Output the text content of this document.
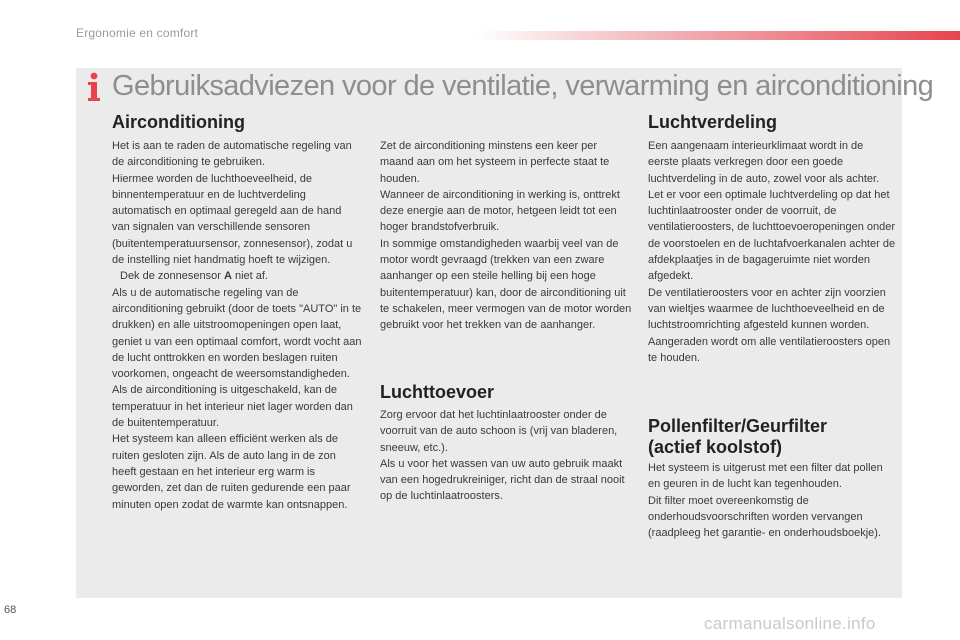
Ergonomie en comfort
Gebruiksadviezen voor de ventilatie, verwarming en airconditioning
Airconditioning

Het is aan te raden de automatische regeling van de airconditioning te gebruiken.

Hiermee worden de luchthoeveelheid, de binnentemperatuur en de luchtverdeling automatisch en optimaal geregeld aan de hand van signalen van verschillende sensoren (buitentemperatuursensor, zonnesensor), zodat u de instelling niet handmatig hoeft te wijzigen.

Dek de zonnesensor A niet af.

Als u de automatische regeling van de airconditioning gebruikt (door de toets "AUTO" in te drukken) en alle uitstroomopeningen open laat, geniet u van een optimaal comfort, wordt vocht aan de lucht onttrokken en worden beslagen ruiten voorkomen, ongeacht de weersomstandigheden.

Als de airconditioning is uitgeschakeld, kan de temperatuur in het interieur niet lager worden dan de buitentemperatuur.

Het systeem kan alleen efficiënt werken als de ruiten gesloten zijn. Als de auto lang in de zon heeft gestaan en het interieur erg warm is geworden, zet dan de ruiten gedurende een paar minuten open zodat de warmte kan ontsnappen.

Zet de airconditioning minstens een keer per maand aan om het systeem in perfecte staat te houden.

Wanneer de airconditioning in werking is, onttrekt deze energie aan de motor, hetgeen leidt tot een hoger brandstofverbruik.

In sommige omstandigheden waarbij veel van de motor wordt gevraagd (trekken van een zware aanhanger op een steile helling bij een hoge buitentemperatuur) kan, door de airconditioning uit te schakelen, meer vermogen van de motor worden gebruikt voor het trekken van de aanhanger.

Luchttoevoer

Zorg ervoor dat het luchtinlaatrooster onder de voorruit van de auto schoon is (vrij van bladeren, sneeuw, etc.).

Als u voor het wassen van uw auto gebruik maakt van een hogedrukreiniger, richt dan de straal nooit op de luchtinlaatroosters.

Luchtverdeling

Een aangenaam interieurklimaat wordt in de eerste plaats verkregen door een goede luchtverdeling in de auto, zowel voor als achter.

Let er voor een optimale luchtverdeling op dat het luchtinlaatrooster onder de voorruit, de ventilatieroosters, de luchttoevoeropeningen onder de voorstoelen en de luchtafvoerkanalen achter de afdekplaatjes in de bagageruimte niet worden afgedekt.

De ventilatieroosters voor en achter zijn voorzien van wieltjes waarmee de luchthoeveelheid en de luchtstroomrichting afgesteld kunnen worden. Aangeraden wordt om alle ventilatieroosters open te houden.

Pollenfilter/Geurfilter
(actief koolstof)

Het systeem is uitgerust met een filter dat pollen en geuren in de lucht kan tegenhouden.

Dit filter moet overeenkomstig de onderhoudsvoorschriften worden vervangen (raadpleeg het garantie- en onderhoudsboekje).

68
carmanualsonline.info
